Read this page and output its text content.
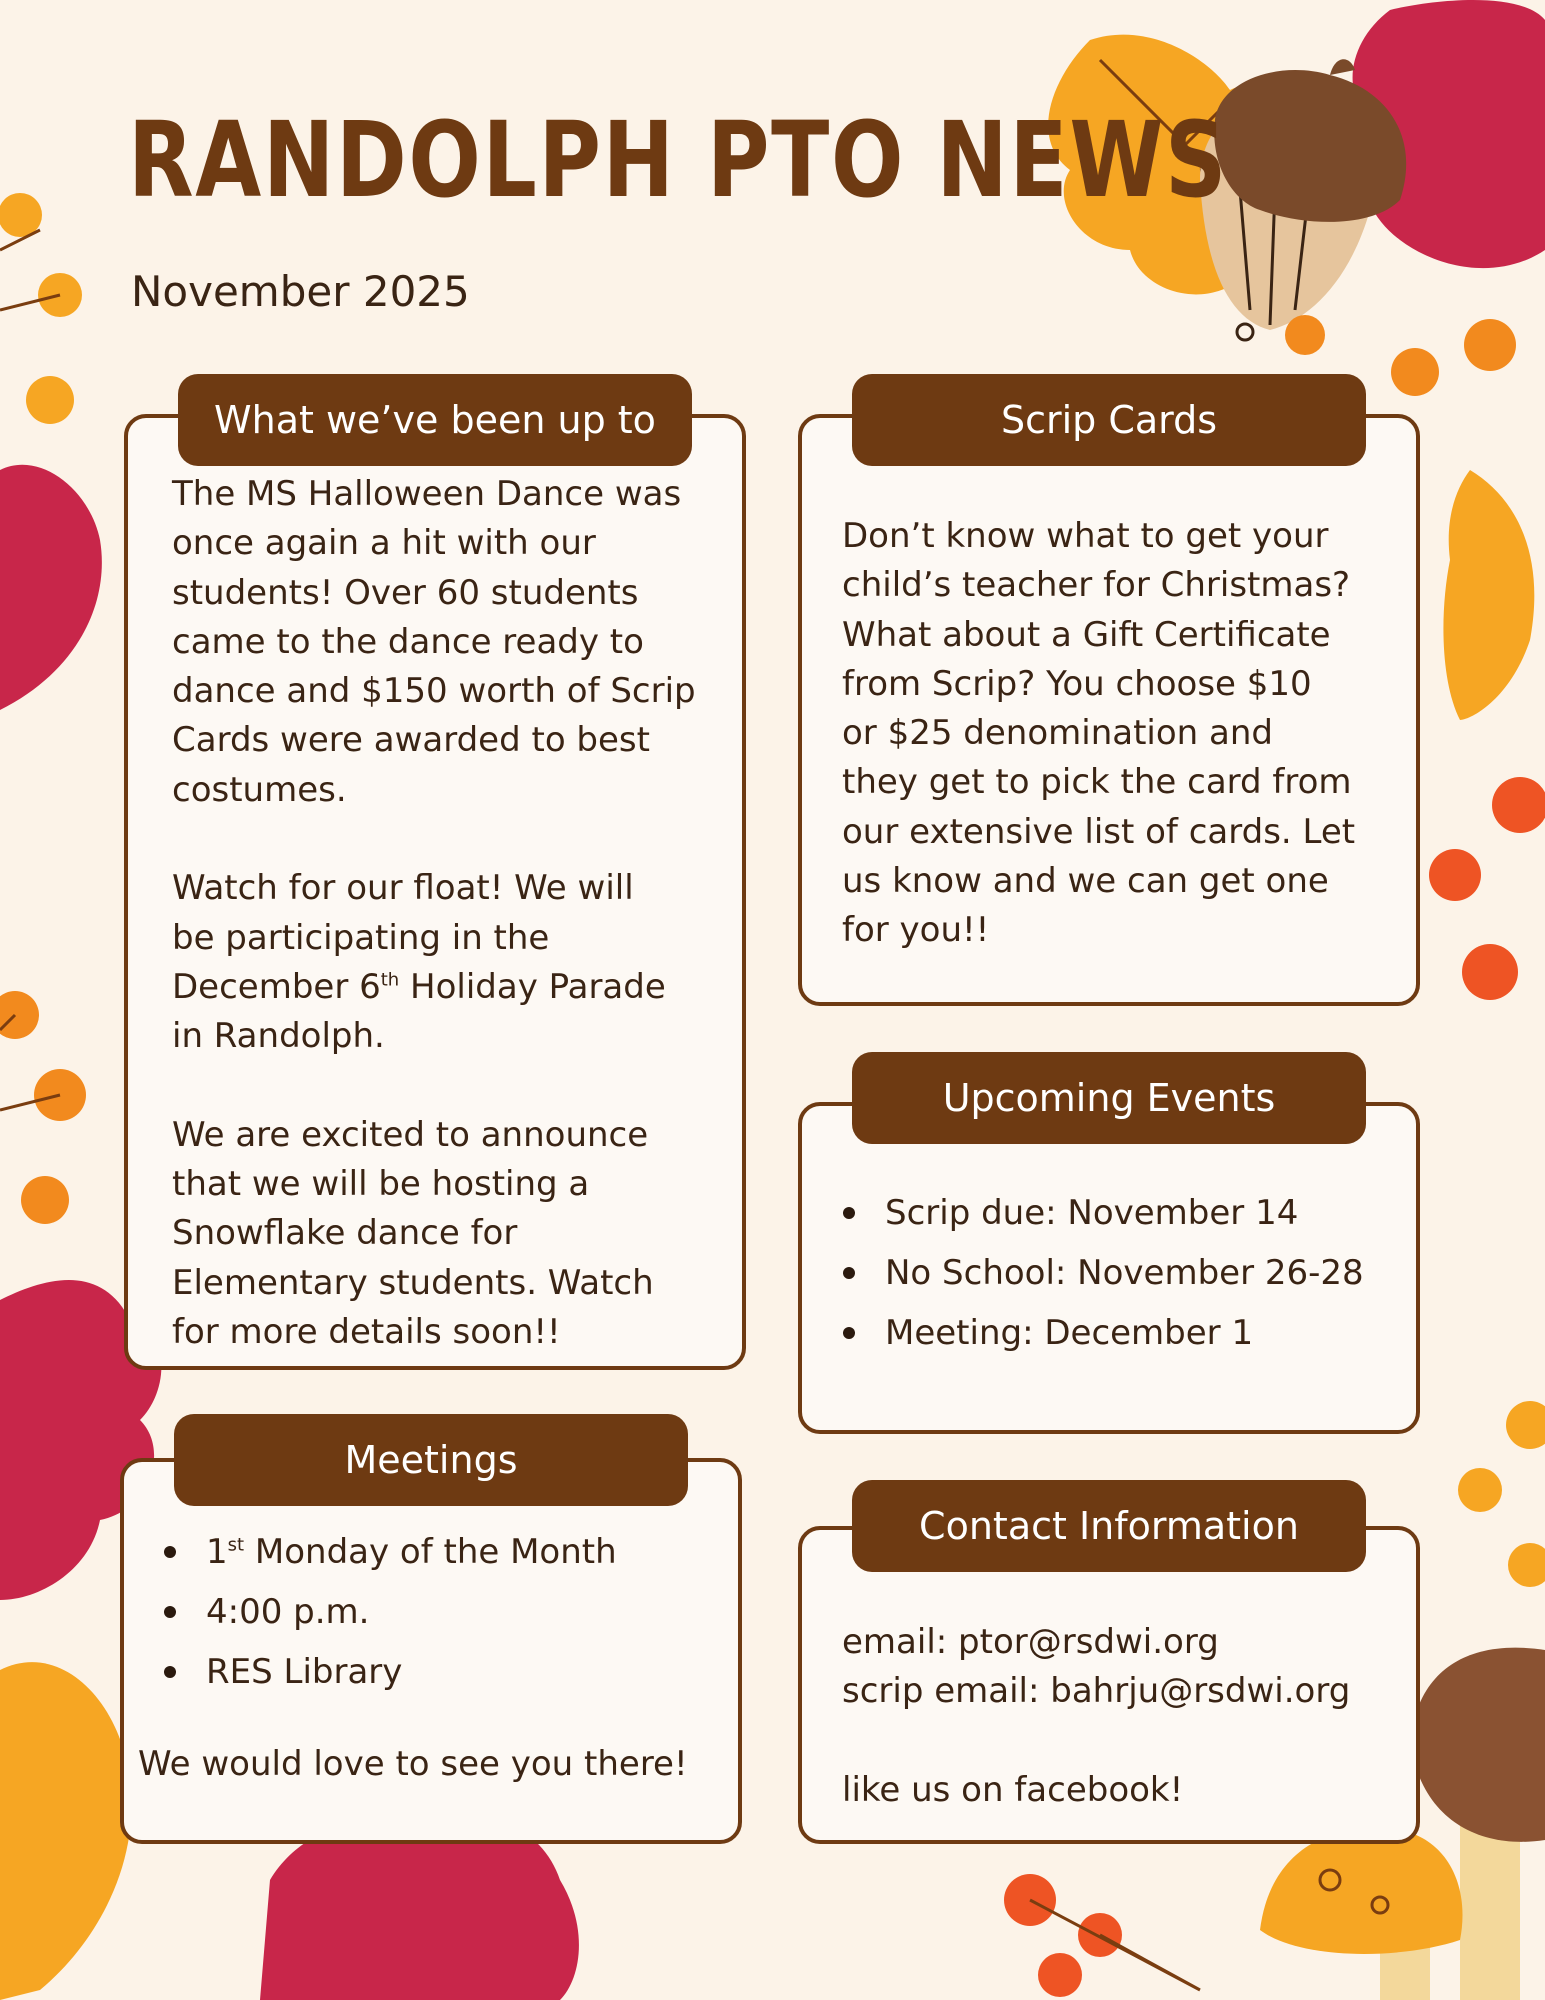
RANDOLPH PTO NEWS
November 2025
What we’ve been up to

The MS Halloween Dance was
once again a hit with our
students! Over 60 students
came to the dance ready to
dance and $150 worth of Scrip
Cards were awarded to best
costumes.

Watch for our float! We will
be participating in the
December 6th Holiday Parade
in Randolph.

We are excited to announce
that we will be hosting a
Snowflake dance for
Elementary students. Watch
for more details soon!!

Scrip Cards
Don’t know what to get your
child’s teacher for Christmas?
What about a Gift Certificate
from Scrip? You choose $10
or $25 denomination and
they get to pick the card from
our extensive list of cards. Let
us know and we can get one
for you!!
Upcoming Events
Scrip due: November 14
No School: November 26-28
Meeting: December 1
Meetings
1st Monday of the Month
4:00 p.m.
RES Library
We would love to see you there!
Contact Information
email: ptor@rsdwi.org
scrip email: bahrju@rsdwi.org

like us on facebook!
